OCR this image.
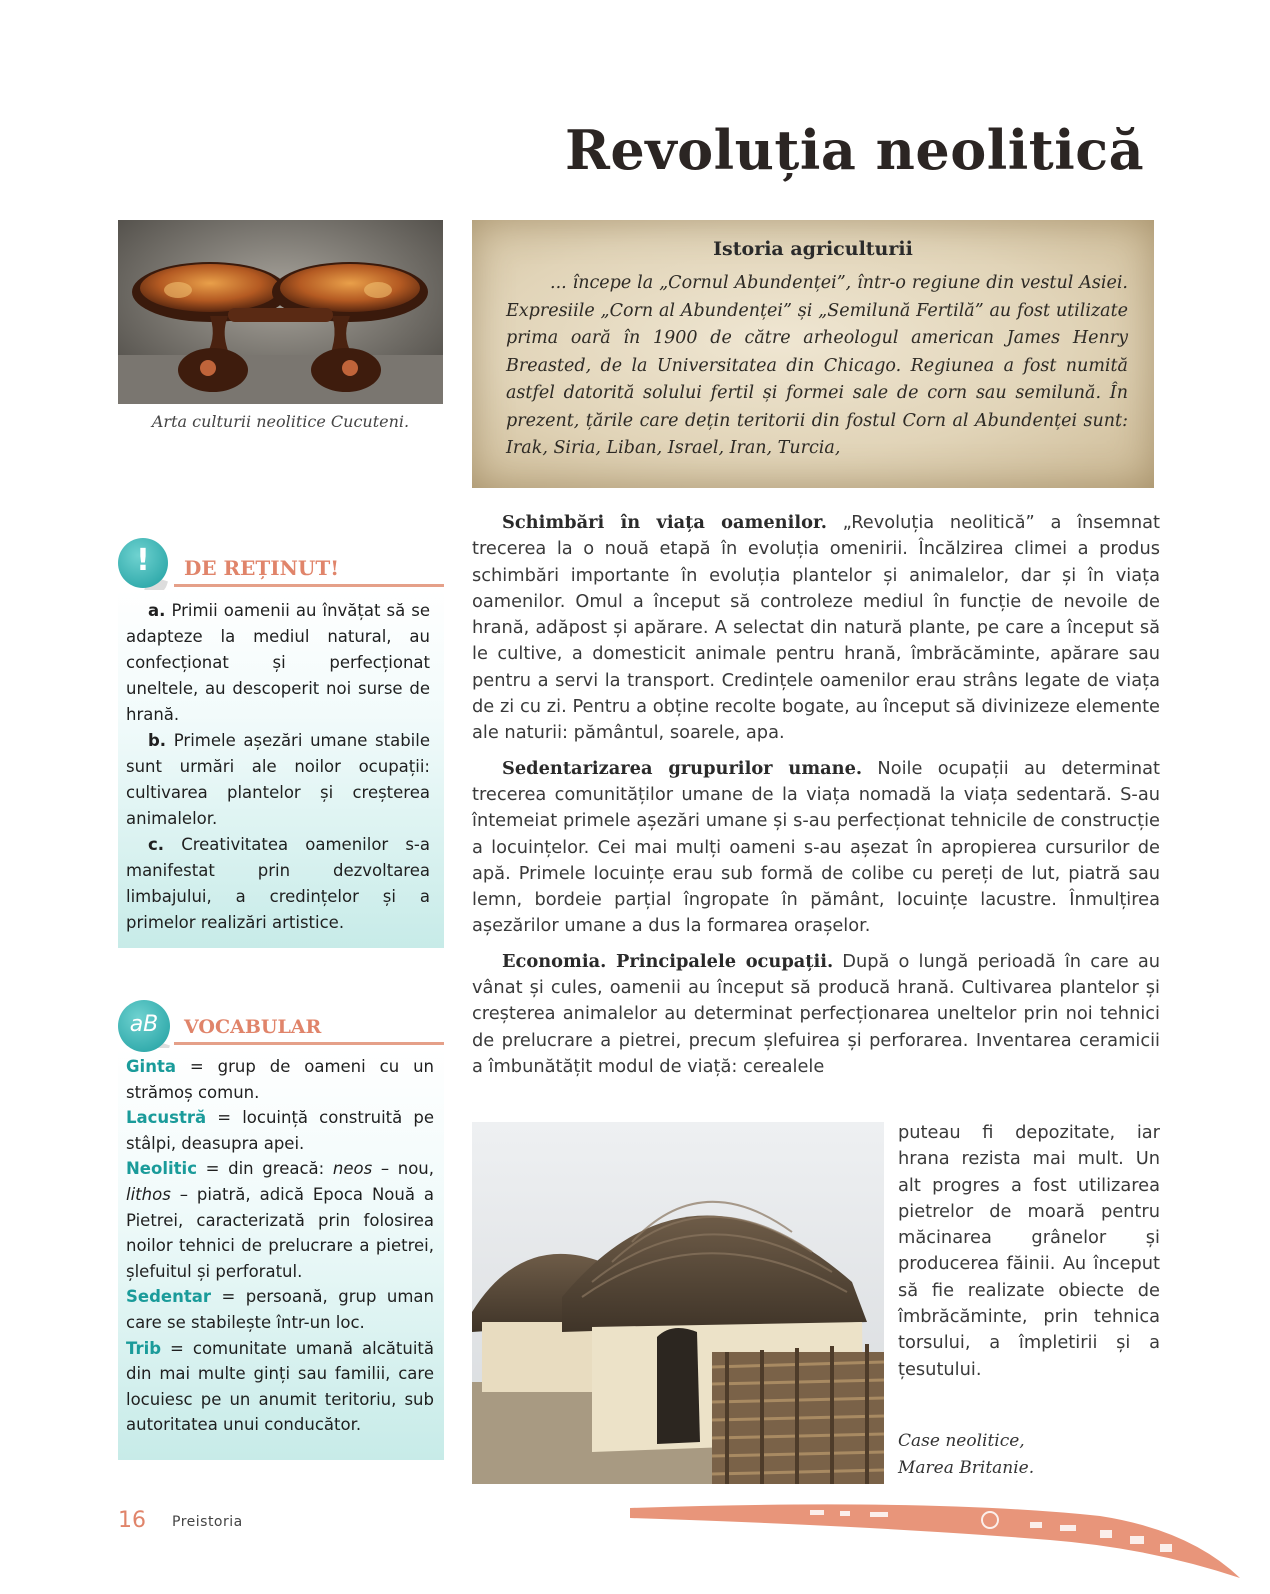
Revoluția neolitică
Arta culturii neolitice Cucuteni.
Istoria agriculturii

... începe la „Cornul Abundenței”, într-o regiune din vestul Asiei. Expresiile „Corn al Abundenței” și „Semilună Fertilă” au fost utilizate prima oară în 1900 de către arheologul american James Henry Breasted, de la Universitatea din Chicago. Regiunea a fost numită astfel datorită solului fertil și formei sale de corn sau semilună. În prezent, țările care dețin teritorii din fostul Corn al Abundenței sunt: Irak, Siria, Liban, Israel, Iran, Turcia,

a. Primii oamenii au învățat să se adapteze la mediul natural, au confecționat și perfecționat uneltele, au descoperit noi surse de hrană.

b. Primele așezări umane stabile sunt urmări ale noilor ocupații: cultivarea plantelor și creșterea animalelor.

c. Creativitatea oamenilor s-a manifestat prin dezvoltarea limbajului, a credințelor și a primelor realizări artistice.

!	DE REȚINUT!

Ginta = grup de oameni cu un strămoș comun.

Lacustră = locuință construită pe stâlpi, deasupra apei.

Neolitic = din greacă: neos – nou, lithos – piatră, adică Epoca Nouă a Pietrei, caracterizată prin folosirea noilor tehnici de prelucrare a pietrei, șlefuitul și perforatul.

Sedentar = persoană, grup uman care se stabilește într-un loc.

Trib = comunitate umană alcătuită din mai multe ginți sau familii, care locuiesc pe un anumit teritoriu, sub autoritatea unui conducător.

aB	VOCABULAR

Schimbări în viața oamenilor. „Revoluția neolitică” a însemnat trecerea la o nouă etapă în evoluția omenirii. Încălzirea climei a produs schimbări importante în evoluția plantelor și animalelor, dar și în viața oamenilor. Omul a început să controleze mediul în funcție de nevoile de hrană, adăpost și apărare. A selectat din natură plante, pe care a început să le cultive, a domesticit animale pentru hrană, îmbrăcăminte, apărare sau pentru a servi la transport. Credințele oamenilor erau strâns legate de viața de zi cu zi. Pentru a obține recolte bogate, au început să divinizeze elemente ale naturii: pământul, soarele, apa.

Sedentarizarea grupurilor umane. Noile ocupații au determinat trecerea comunităților umane de la viața nomadă la viața sedentară. S-au întemeiat primele așezări umane și s-au perfecționat tehnicile de construcție a locuințelor. Cei mai mulți oameni s-au așezat în apropierea cursurilor de apă. Primele locuințe erau sub formă de colibe cu pereți de lut, piatră sau lemn, bordeie parțial îngropate în pământ, locuințe lacustre. Înmulțirea așezărilor umane a dus la formarea orașelor.

Economia. Principalele ocupații. După o lungă perioadă în care au vânat și cules, oamenii au început să producă hrană. Cultivarea plantelor și creșterea animalelor au determinat perfecționarea uneltelor prin noi tehnici de prelucrare a pietrei, precum șlefuirea și perforarea. Inventarea ceramicii a îmbunătățit modul de viață: cerealele

puteau fi depozitate, iar hrana rezista mai mult. Un alt progres a fost utilizarea pietrelor de moară pentru măcinarea grânelor și producerea făinii. Au început să fie realizate obiecte de îmbrăcăminte, prin tehnica torsului, a împletirii și a țesutului.

Case neolitice,
Marea Britanie.
16 Preistoria
